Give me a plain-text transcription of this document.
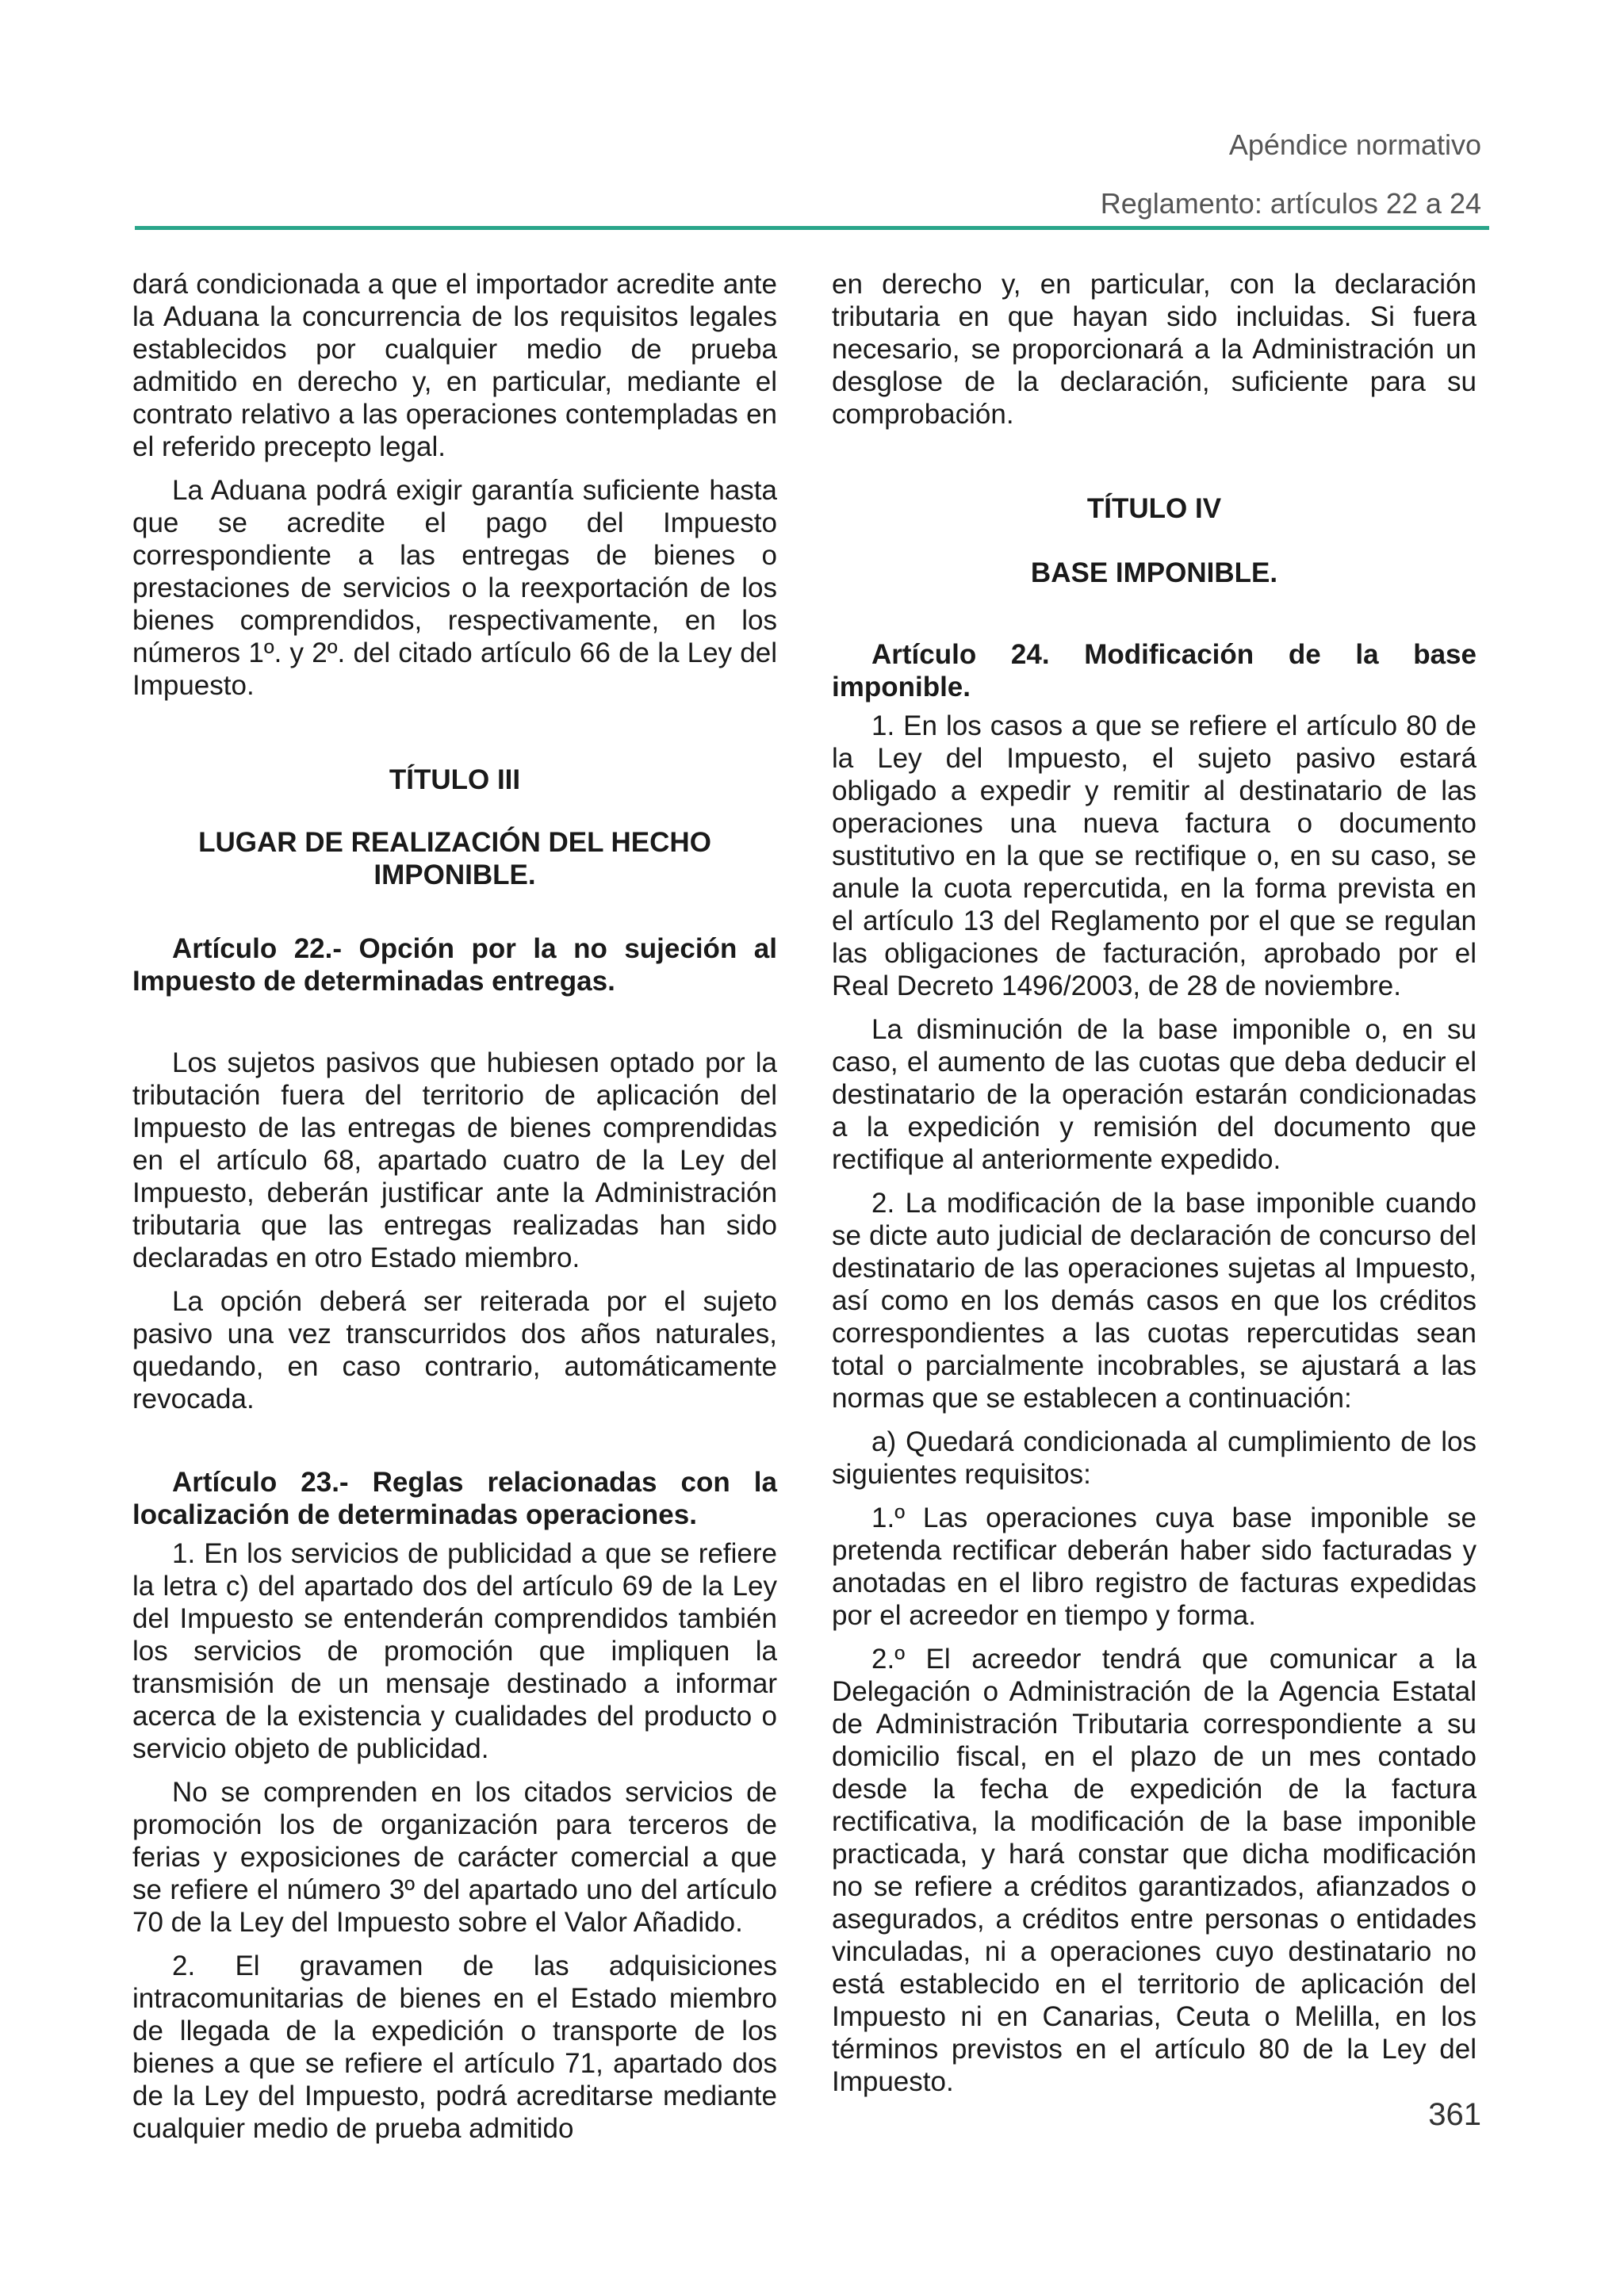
Apéndice normativo
Reglamento: artículos 22 a 24

dará condicionada a que el importador acredite ante la Aduana la concurrencia de los requisitos legales establecidos por cualquier medio de prueba admitido en derecho y, en particular, mediante el contrato relativo a las operaciones contempladas en el referido precepto legal.

La Aduana podrá exigir garantía suficiente hasta que se acredite el pago del Impuesto correspondiente a las entregas de bienes o prestaciones de servicios o la reexportación de los bienes comprendidos, respectivamente, en los números 1º. y 2º. del citado artículo 66 de la Ley del Impuesto.

TÍTULO III
LUGAR DE REALIZACIÓN DEL HECHO IMPONIBLE.
Artículo 22.- Opción por la no sujeción al Impuesto de determinadas entregas.

Los sujetos pasivos que hubiesen optado por la tributación fuera del territorio de aplicación del Impuesto de las entregas de bienes comprendidas en el artículo 68, apartado cuatro de la Ley del Impuesto, deberán justificar ante la Administración tributaria que las entregas realizadas han sido declaradas en otro Estado miembro.

La opción deberá ser reiterada por el sujeto pasivo una vez transcurridos dos años naturales, quedando, en caso contrario, automáticamente revocada.

Artículo 23.- Reglas relacionadas con la localización de determinadas operaciones.

1. En los servicios de publicidad a que se refiere la letra c) del apartado dos del artículo 69 de la Ley del Impuesto se entenderán comprendidos también los servicios de promoción que impliquen la transmisión de un mensaje destinado a informar acerca de la existencia y cualidades del producto o servicio objeto de publicidad.

No se comprenden en los citados servicios de promoción los de organización para terceros de ferias y exposiciones de carácter comercial a que se refiere el número 3º del apartado uno del artículo 70 de la Ley del Impuesto sobre el Valor Añadido.

2. El gravamen de las adquisiciones intracomunitarias de bienes en el Estado miembro de llegada de la expedición o transporte de los bienes a que se refiere el artículo 71, apartado dos de la Ley del Impuesto, podrá acreditarse mediante cualquier medio de prueba admitido

en derecho y, en particular, con la declaración tributaria en que hayan sido incluidas. Si fuera necesario, se proporcionará a la Administración un desglose de la declaración, suficiente para su comprobación.

TÍTULO IV
BASE IMPONIBLE.
Artículo 24. Modificación de la base imponible.

1. En los casos a que se refiere el artículo 80 de la Ley del Impuesto, el sujeto pasivo estará obligado a expedir y remitir al destinatario de las operaciones una nueva factura o documento sustitutivo en la que se rectifique o, en su caso, se anule la cuota repercutida, en la forma prevista en el artículo 13 del Reglamento por el que se regulan las obligaciones de facturación, aprobado por el Real Decreto 1496/2003, de 28 de noviembre.

La disminución de la base imponible o, en su caso, el aumento de las cuotas que deba deducir el destinatario de la operación estarán condicionadas a la expedición y remisión del documento que rectifique al anteriormente expedido.

2. La modificación de la base imponible cuando se dicte auto judicial de declaración de concurso del destinatario de las operaciones sujetas al Impuesto, así como en los demás casos en que los créditos correspondientes a las cuotas repercutidas sean total o parcialmente incobrables, se ajustará a las normas que se establecen a continuación:

a) Quedará condicionada al cumplimiento de los siguientes requisitos:

1.º Las operaciones cuya base imponible se pretenda rectificar deberán haber sido facturadas y anotadas en el libro registro de facturas expedidas por el acreedor en tiempo y forma.

2.º El acreedor tendrá que comunicar a la Delegación o Administración de la Agencia Estatal de Administración Tributaria correspondiente a su domicilio fiscal, en el plazo de un mes contado desde la fecha de expedición de la factura rectificativa, la modificación de la base imponible practicada, y hará constar que dicha modificación no se refiere a créditos garantizados, afianzados o asegurados, a créditos entre personas o entidades vinculadas, ni a operaciones cuyo destinatario no está establecido en el territorio de aplicación del Impuesto ni en Canarias, Ceuta o Melilla, en los términos previstos en el artículo 80 de la Ley del Impuesto.

361
